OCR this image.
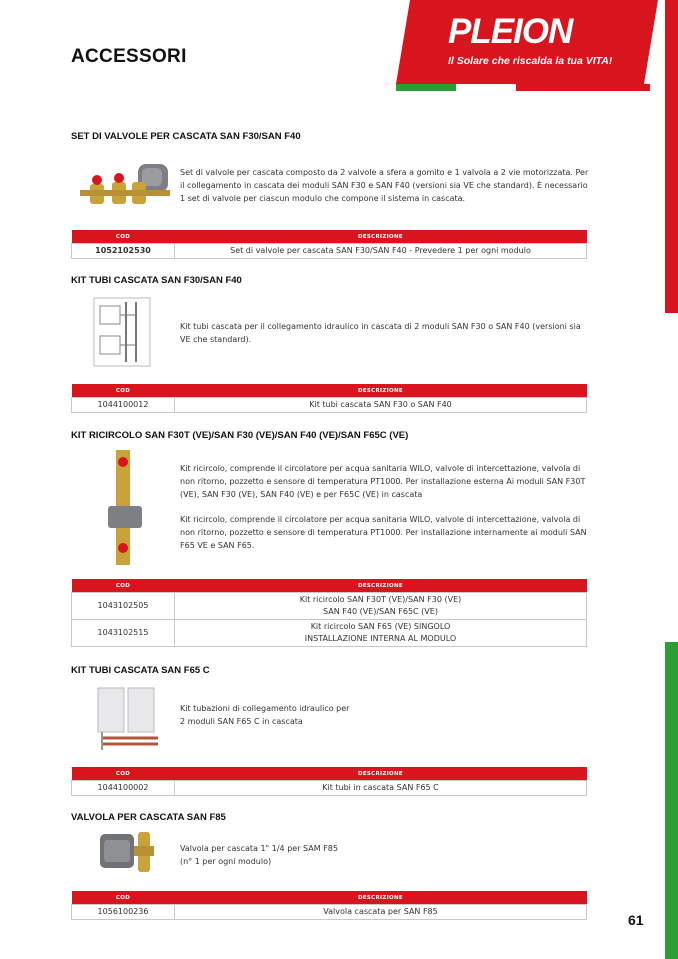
ACCESSORI
PLEION
Il Solare che riscalda la tua VITA!
SET DI VALVOLE PER CASCATA SAN F30/SAN F40

Set di valvole per cascata composto da 2 valvole a sfera a gomito e 1 valvola a 2 vie motorizzata. Per il collegamento in cascata dei moduli SAN F30 e SAN F40 (versioni sia VE che standard). È necessario 1 set di valvole per ciascun modulo che compone il sistema in cascata.

COD	DESCRIZIONE
1052102530	Set di valvole per cascata SAN F30/SAN F40 - Prevedere 1 per ogni modulo
KIT TUBI CASCATA SAN F30/SAN F40

Kit tubi cascata per il collegamento idraulico in cascata di 2 moduli SAN F30 o SAN F40 (versioni sia VE che standard).

COD	DESCRIZIONE
1044100012	Kit tubi cascata SAN F30 o SAN F40
KIT RICIRCOLO SAN F30T (VE)/SAN F30 (VE)/SAN F40 (VE)/SAN F65C (VE)

Kit ricircolo, comprende il circolatore per acqua sanitaria WILO, valvole di intercettazione, valvola di non ritorno, pozzetto e sensore di temperatura PT1000. Per installazione esterna Ai moduli SAN F30T (VE), SAN F30 (VE), SAN F40 (VE) e per F65C (VE) in cascata

Kit ricircolo, comprende il circolatore per acqua sanitaria WILO, valvole di intercettazione, valvola di non ritorno, pozzetto e sensore di temperatura PT1000. Per installazione internamente ai moduli SAN F65 VE e SAN F65.

COD	DESCRIZIONE
1043102505	Kit ricircolo SAN F30T (VE)/SAN F30 (VE)
SAN F40 (VE)/SAN F65C (VE)

1043102515	Kit ricircolo SAN F65 (VE) SINGOLO
INSTALLAZIONE INTERNA AL MODULO
KIT TUBI CASCATA SAN F65 C

Kit tubazioni di collegamento idraulico per 2 moduli SAN F65 C in cascata

COD	DESCRIZIONE
1044100002	Kit tubi in cascata SAN F65 C
VALVOLA PER CASCATA SAN F85

Valvola per cascata 1" 1/4 per SAM F85 (n° 1 per ogni modulo)

COD	DESCRIZIONE
1056100236	Valvola cascata per SAN F85
61
